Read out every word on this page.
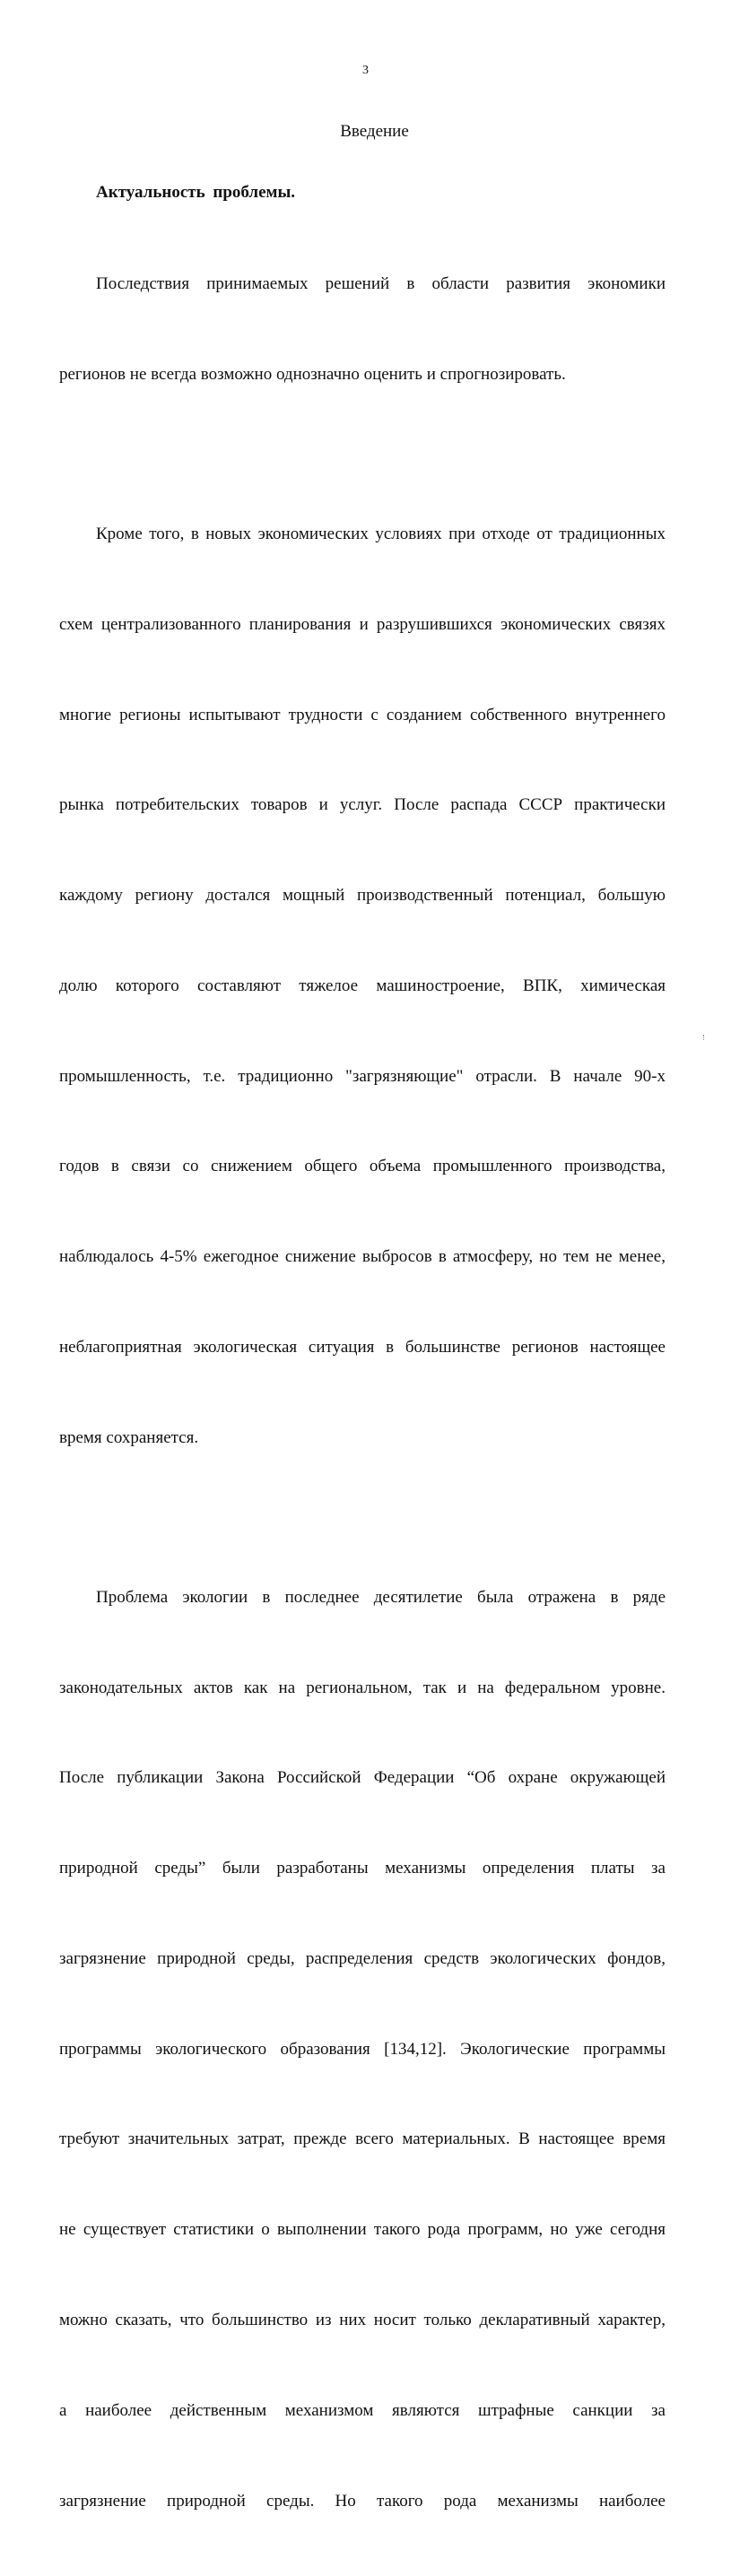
3
Введение
Актуальность проблемы.

Последствия принимаемых решений в области развития экономики

регионов не всегда возможно однозначно оценить и спрогнозировать.

Кроме того, в новых экономических условиях при отходе от традиционных

схем централизованного планирования и разрушившихся экономических связях

многие регионы испытывают трудности с созданием собственного внутреннего

рынка потребительских товаров и услуг. После распада СССР практически

каждому региону достался мощный производственный потенциал, большую

долю которого составляют тяжелое машиностроение, ВПК, химическая

промышленность, т.е. традиционно "загрязняющие" отрасли. В начале 90-х

годов в связи со снижением общего объема промышленного производства,

наблюдалось 4-5% ежегодное снижение выбросов в атмосферу, но тем не менее,

неблагоприятная экологическая ситуация в большинстве регионов настоящее

время сохраняется.

Проблема экологии в последнее десятилетие была отражена в ряде

законодательных актов как на региональном, так и на федеральном уровне.

После публикации Закона Российской Федерации “Об охране окружающей

природной среды” были разработаны механизмы определения платы за

загрязнение природной среды, распределения средств экологических фондов,

программы экологического образования [134,12]. Экологические программы

требуют значительных затрат, прежде всего материальных. В настоящее время

не существует статистики о выполнении такого рода программ, но уже сегодня

можно сказать, что большинство из них носит только декларативный характер,

а наиболее действенным механизмом являются штрафные санкции за

загрязнение природной среды. Но такого рода механизмы наиболее
